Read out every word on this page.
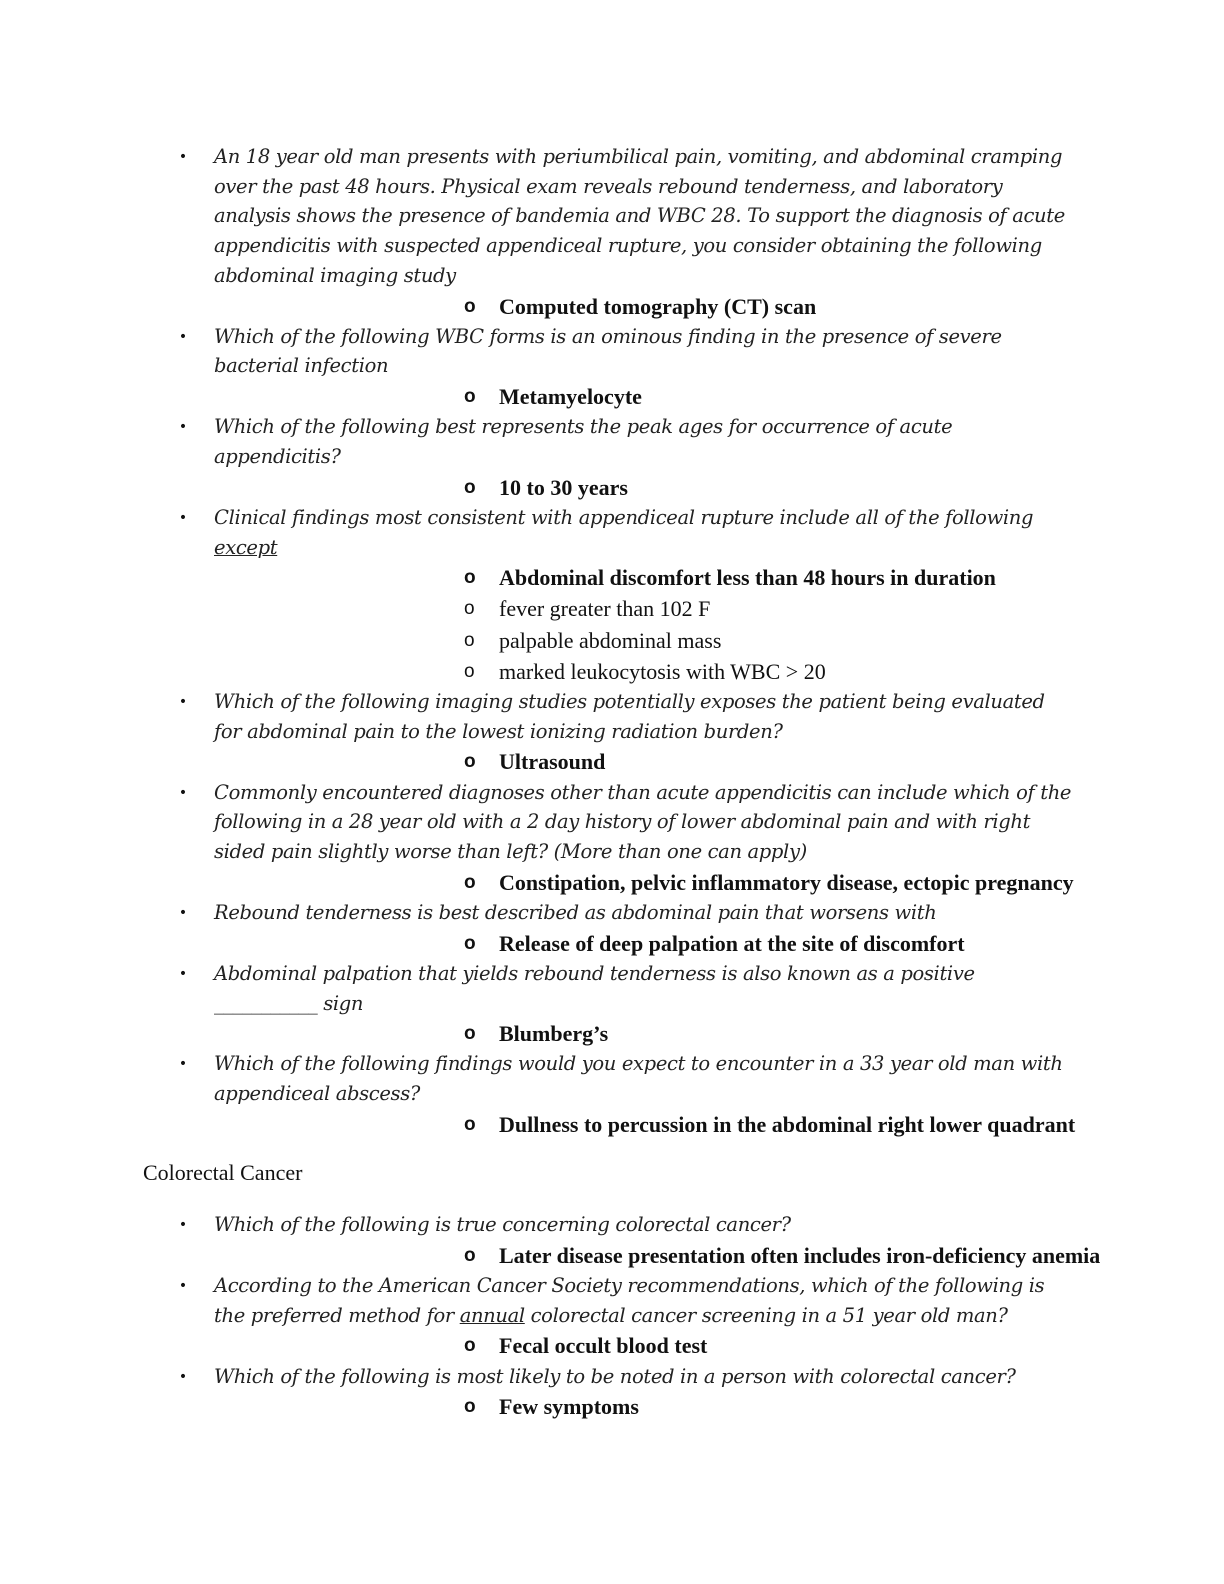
• An 18 year old man presents with periumbilical pain, vomiting, and abdominal cramping over the past 48 hours. Physical exam reveals rebound tenderness, and laboratory analysis shows the presence of bandemia and WBC 28. To support the diagnosis of acute appendicitis with suspected appendiceal rupture, you consider obtaining the following abdominal imaging study
o Computed tomography (CT) scan
• Which of the following WBC forms is an ominous finding in the presence of severe bacterial infection
o Metamyelocyte
• Which of the following best represents the peak ages for occurrence of acute appendicitis?
o 10 to 30 years
• Clinical findings most consistent with appendiceal rupture include all of the following except
o Abdominal discomfort less than 48 hours in duration
o fever greater than 102 F
o palpable abdominal mass
o marked leukocytosis with WBC > 20
• Which of the following imaging studies potentially exposes the patient being evaluated for abdominal pain to the lowest ionizing radiation burden?
o Ultrasound
• Commonly encountered diagnoses other than acute appendicitis can include which of the following in a 28 year old with a 2 day history of lower abdominal pain and with right sided pain slightly worse than left? (More than one can apply)
o Constipation, pelvic inflammatory disease, ectopic pregnancy
• Rebound tenderness is best described as abdominal pain that worsens with
o Release of deep palpation at the site of discomfort
• Abdominal palpation that yields rebound tenderness is also known as a positive ___________ sign
o Blumberg’s
• Which of the following findings would you expect to encounter in a 33 year old man with appendiceal abscess?
o Dullness to percussion in the abdominal right lower quadrant
Colorectal Cancer
• Which of the following is true concerning colorectal cancer?
o Later disease presentation often includes iron-deficiency anemia
• According to the American Cancer Society recommendations, which of the following is the preferred method for annual colorectal cancer screening in a 51 year old man?
o Fecal occult blood test
• Which of the following is most likely to be noted in a person with colorectal cancer?
o Few symptoms
